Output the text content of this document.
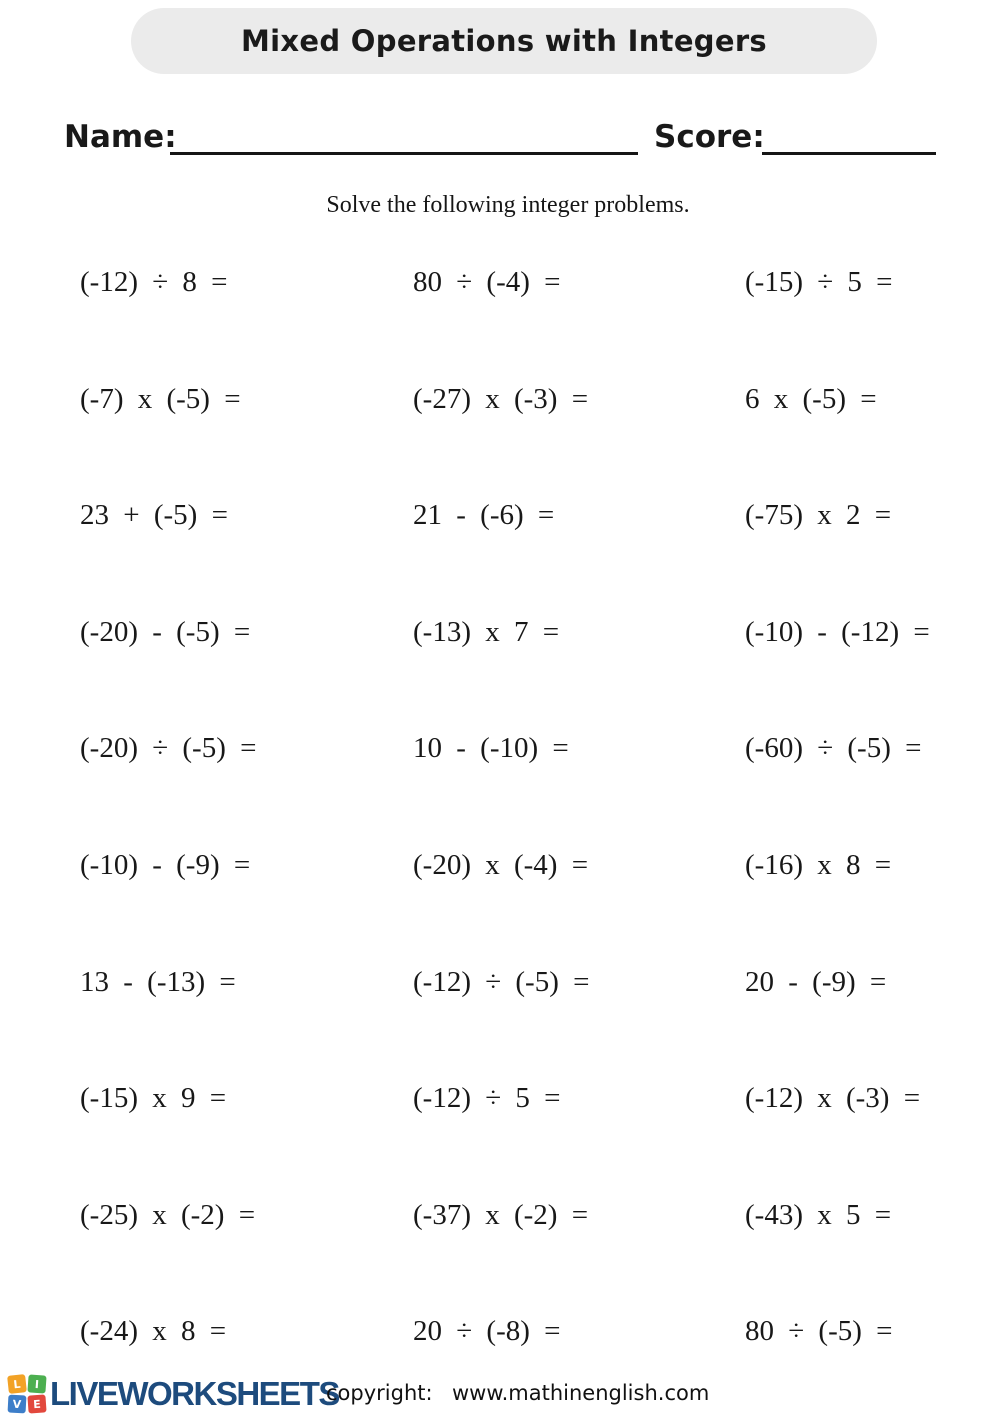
Mixed Operations with Integers
Name:	Score:
Solve the following integer problems.
(-12) ÷ 8 =	80 ÷ (-4) =	(-15) ÷ 5 =
(-7) x (-5) =	(-27) x (-3) =	6 x (-5) =
23 + (-5) =	21 - (-6) =	(-75) x 2 =
(-20) - (-5) =	(-13) x 7 =	(-10) - (-12) =
(-20) ÷ (-5) =	10 - (-10) =	(-60) ÷ (-5) =
(-10) - (-9) =	(-20) x (-4) =	(-16) x 8 =
13 - (-13) =	(-12) ÷ (-5) =	20 - (-9) =
(-15) x 9 =	(-12) ÷ 5 =	(-12) x (-3) =
(-25) x (-2) =	(-37) x (-2) =	(-43) x 5 =
(-24) x 8 =	20 ÷ (-8) =	80 ÷ (-5) =
L	I
V	E LIVEWORKSHEETS
copyright: www.mathinenglish.com
